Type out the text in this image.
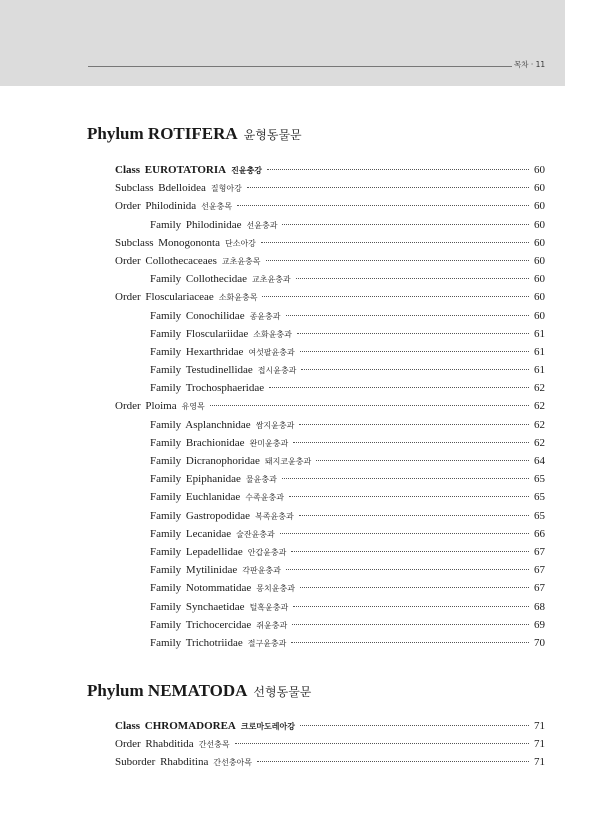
목차 · 11
Phylum ROTIFERA 윤형동물문
Class EUROTATORIA 진윤충강	60
Subclass Bdelloidea 질형아강	60
Order Philodinida 선윤충목	60
Family Philodinidae 선윤충과	60
Subclass Monogononta 단소아강	60
Order Collothecaceaes 교초윤충목	60
Family Collothecidae 교초윤충과	60
Order Flosculariaceae 소화윤충목	60
Family Conochilidae 종윤충과	60
Family Flosculariidae 소화윤충과	61
Family Hexarthridae 여섯팔윤충과	61
Family Testudinellidae 접시윤충과	61
Family Trochosphaeridae	62
Order Ploima 유영목	62
Family Asplanchnidae 쌈지윤충과	62
Family Brachionidae 완미윤충과	62
Family Dicranophoridae 돼지코윤충과	64
Family Epiphanidae 물윤충과	65
Family Euchlanidae 수족윤충과	65
Family Gastropodidae 복족윤충과	65
Family Lecanidae 술잔윤충과	66
Family Lepadellidae 안갑윤충과	67
Family Mytilinidae 각판윤충과	67
Family Notommatidae 몽치윤충과	67
Family Synchaetidae 털혹윤충과	68
Family Trichocercidae 쥐윤충과	69
Family Trichotriidae 절구윤충과	70
Phylum NEMATODA 선형동물문
Class CHROMADOREA 크로마도레아강	71
Order Rhabditida 간선충목	71
Suborder Rhabditina 간선충아목	71
